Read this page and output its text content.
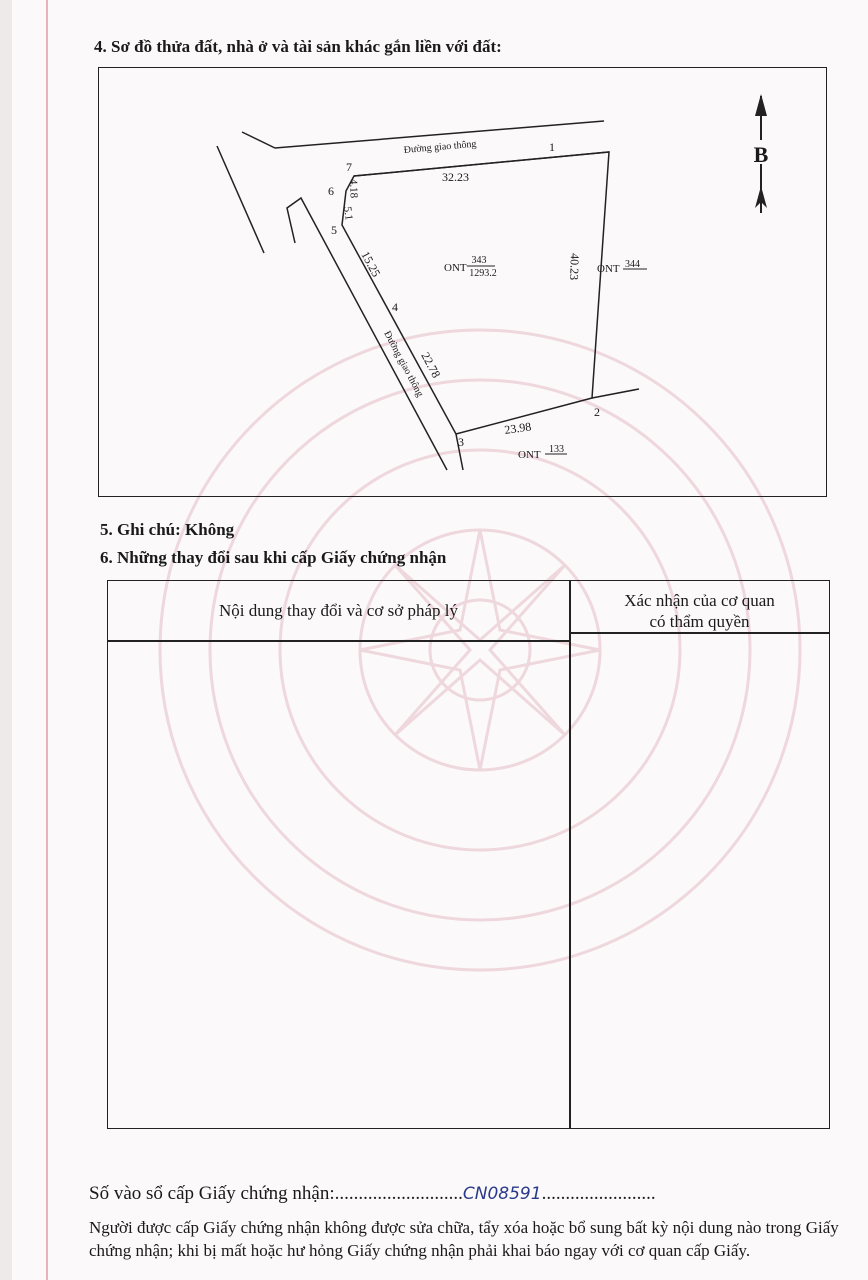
4. Sơ đồ thửa đất, nhà ở và tài sản khác gắn liền với đất:
Đường giao thông
Đường giao thông
1
2
3
4
5
6
7
32.23
40.23
23.98
22.78
15.25
5.1
4.18
ONT
343
1293.2	ONT 344
ONT 133
B
5. Ghi chú: Không
6. Những thay đổi sau khi cấp Giấy chứng nhận
Nội dung thay đổi và cơ sở pháp lý
Xác nhận của cơ quan
có thẩm quyền
Số vào sổ cấp Giấy chứng nhận:...........................CN08591........................
Người được cấp Giấy chứng nhận không được sửa chữa, tẩy xóa hoặc bổ sung bất kỳ nội dung nào trong Giấy chứng nhận; khi bị mất hoặc hư hỏng Giấy chứng nhận phải khai báo ngay với cơ quan cấp Giấy.
